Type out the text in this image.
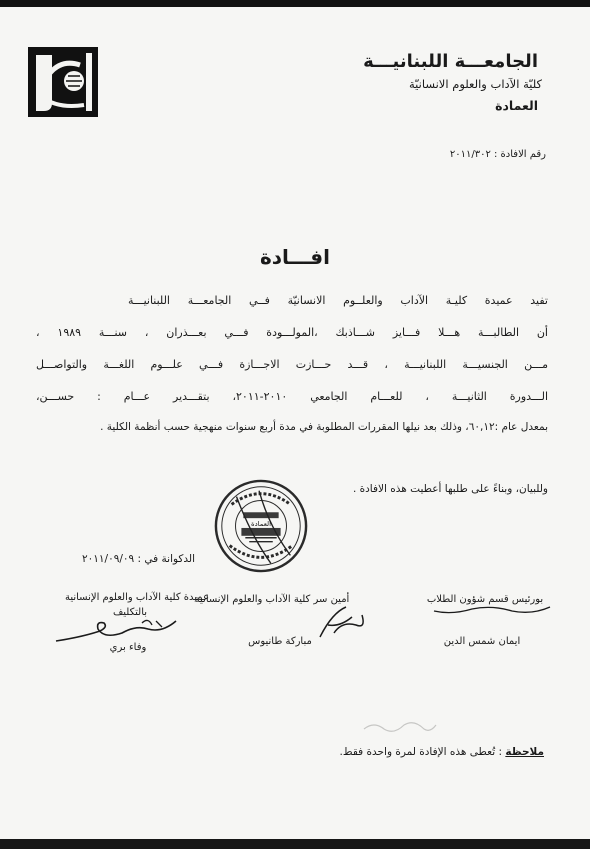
الجامعـــة اللبنانيـــة
كليّة الآداب والعلوم الانسانيّة
العمادة
رقم الافادة : ٢٠١١/٣٠٢
افـــادة
تفيد عميدة كليـة الآداب والعلــوم الانسانيّة فــي الجامعـــة اللبنانيـــة
أن الطالبـــة هـــلا فـــايز شـــاذبك ،المولـــودة فـــي بعـــذران ، سنـــة ١٩٨٩ ،
مـــن الجنسيـــة اللبنانيـــة ، قـــد حـــازت الاجـــازة فـــي علـــوم اللغـــة والتواصـــل
الـــدورة الثانيـــة ، للعـــام الجامعي ٢٠١٠-٢٠١١، بتقـــدير عـــام : حســـن،
بمعدل عام :٦٠,١٢، وذلك بعد نيلها المقررات المطلوبة في مدة أربع سنوات منهجية حسب أنظمة الكلية .
وللبيان، وبناءً على طلبها أعطيت هذه الافادة .
العمادة
الدكوانة في : ٢٠١١/٠٩/٠٩
بورئيس قسم شؤون الطلاب
ايمان شمس الدين
أمين سر كلية الآداب والعلوم الإنسانية
مباركة طانيوس
عميدة كلية الآداب والعلوم الإنسانية
بالتكليف
وفاء بري
ملاحظة : تُعطى هذه الإفادة لمرة واحدة فقط.
